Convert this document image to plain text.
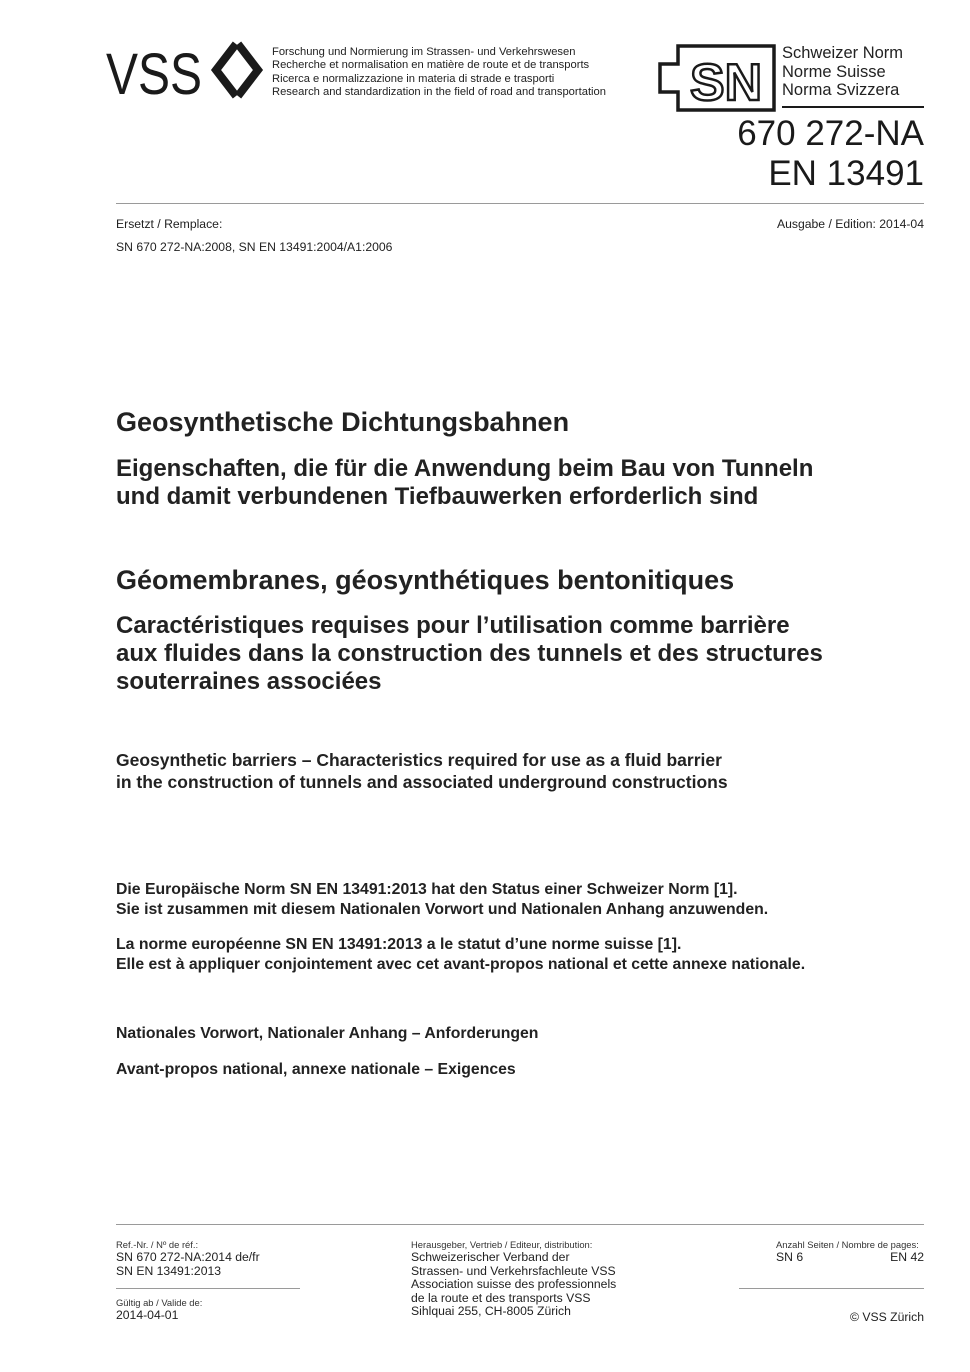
VSS	Forschung und Normierung im Strassen- und Verkehrswesen
Recherche et normalisation en matière de route et de transports
Ricerca e normalizzazione in materia di strade e trasporti
Research and standardization in the field of road and transportation SN
Schweizer Norm
Norme Suisse
Norma Svizzera
670 272-NA
EN 13491
Ersetzt / Remplace:	Ausgabe / Edition: 2014-04
SN 670 272-NA:2008, SN EN 13491:2004/A1:2006
Geosynthetische Dichtungsbahnen
Eigenschaften, die für die Anwendung beim Bau von Tunneln
und damit verbundenen Tiefbauwerken erforderlich sind
Géomembranes, géosynthétiques bentonitiques
Caractéristiques requises pour l’utilisation comme barrière
aux fluides dans la construction des tunnels et des structures
souterraines associées
Geosynthetic barriers – Characteristics required for use as a fluid barrier
in the construction of tunnels and associated underground constructions
Die Europäische Norm SN EN 13491:2013 hat den Status einer Schweizer Norm [1].
Sie ist zusammen mit diesem Nationalen Vorwort und Nationalen Anhang anzuwenden.
La norme européenne SN EN 13491:2013 a le statut d’une norme suisse [1].
Elle est à appliquer conjointement avec cet avant-propos national et cette annexe nationale.
Nationales Vorwort, Nationaler Anhang – Anforderungen
Avant-propos national, annexe nationale – Exigences
Ref.-Nr. / Nº de réf.:
SN 670 272-NA:2014 de/fr
SN EN 13491:2013
Gültig ab / Valide de:
2014-04-01
Herausgeber, Vertrieb / Editeur, distribution:
Schweizerischer Verband der
Strassen- und Verkehrsfachleute VSS
Association suisse des professionnels
de la route et des transports VSS
Sihlquai 255, CH-8005 Zürich
Anzahl Seiten / Nombre de pages:
SN 6	EN 42
© VSS Zürich
